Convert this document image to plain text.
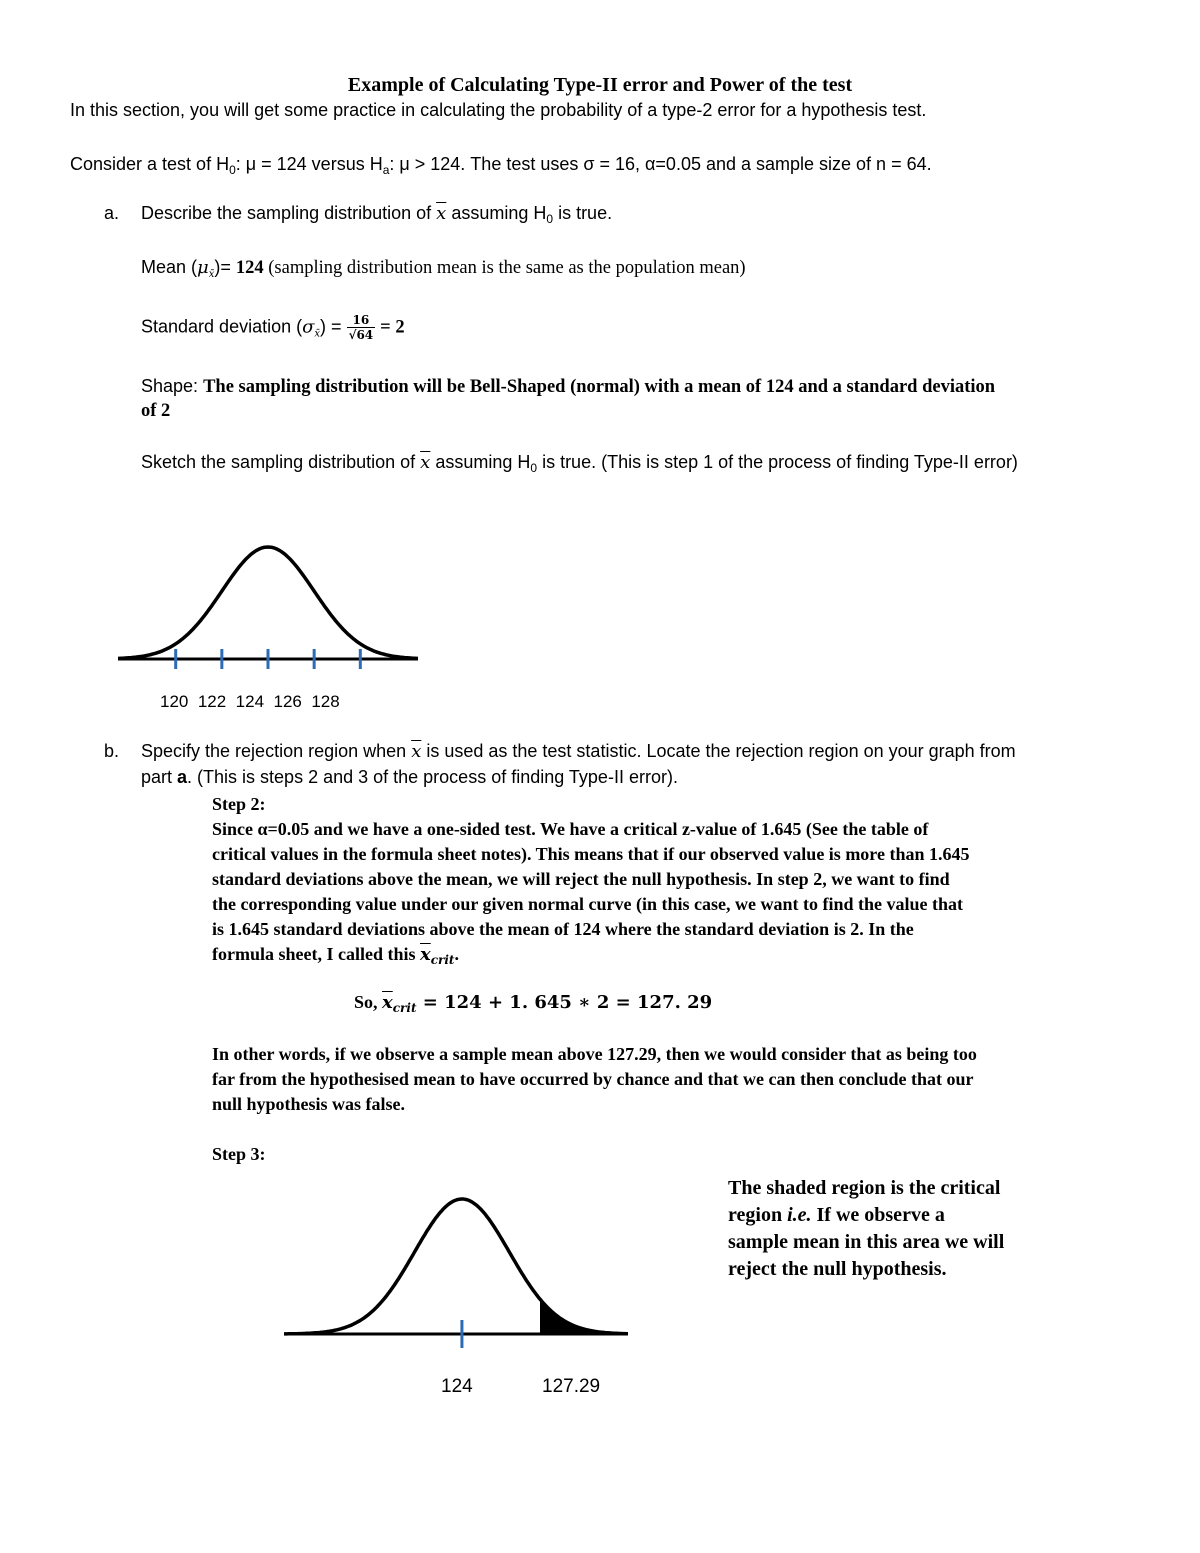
Example of Calculating Type-II error and Power of the test
In this section, you will get some practice in calculating the probability of a type-2 error for a hypothesis test.
Consider a test of $H_0$: μ = 124 versus $H_a$: μ > 124. The test uses σ = 16, α=0.05 and a sample size of n = 64.
a. Describe the sampling distribution of $\overline{x}$ assuming $H_0$ is true.
Mean $(\mu_{x̄})= 124$ (sampling distribution mean is the same as the population mean)
Standard deviation $(\sigma_{x̄}) = \frac{16}{√64} = 2$
Shape: The sampling distribution will be Bell-Shaped (normal) with a mean of 124 and a standard deviation
of 2
Sketch the sampling distribution of $\overline{x}$ assuming $H_0$ is true. (This is step 1 of the process of finding Type-II error)
120 122 124 126 128
b. Specify the rejection region when $\overline{x}$ is used as the test statistic. Locate the rejection region on your graph from
part a. (This is steps 2 and 3 of the process of finding Type-II error).
Step 2:
Since α=0.05 and we have a one-sided test. We have a critical z-value of 1.645 (See the table of
critical values in the formula sheet notes). This means that if our observed value is more than 1.645
standard deviations above the mean, we will reject the null hypothesis. In step 2, we want to find
the corresponding value under our given normal curve (in this case, we want to find the value that
is 1.645 standard deviations above the mean of 124 where the standard deviation is 2. In the
formula sheet, I called this $\overline{x}_{crit}$.
So, $\overline{x}_{crit} = 124 + 1$. 645 ∗ 2 = 127. 29
In other words, if we observe a sample mean above 127.29, then we would consider that as being too
far from the hypothesised mean to have occurred by chance and that we can then conclude that our
null hypothesis was false.
Step 3:
124	127.29
The shaded region is the critical
region i.e. If we observe a
sample mean in this area we will
reject the null hypothesis.
